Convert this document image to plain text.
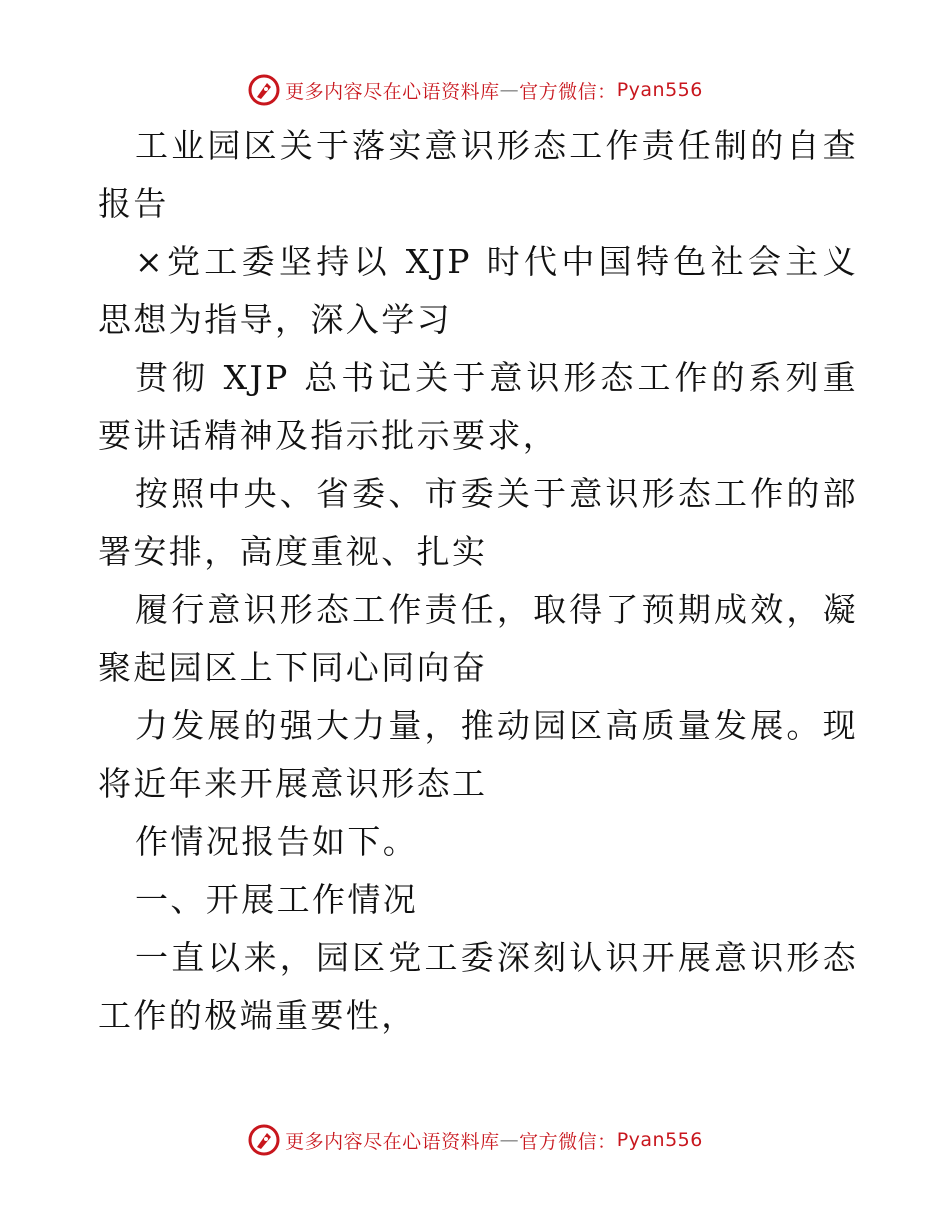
更多内容尽在心语资料库 — 官方微信： Pyan556

工业园区关于落实意识形态工作责任制的自查报告

×党工委坚持以 XJP 时代中国特色社会主义思想为指导，深入学习

贯彻 XJP 总书记关于意识形态工作的系列重要讲话精神及指示批示要求，

按照中央、省委、市委关于意识形态工作的部署安排，高度重视、扎实

履行意识形态工作责任，取得了预期成效，凝聚起园区上下同心同向奋

力发展的强大力量，推动园区高质量发展。现将近年来开展意识形态工

作情况报告如下。

一、开展工作情况

一直以来，园区党工委深刻认识开展意识形态工作的极端重要性，

更多内容尽在心语资料库 — 官方微信： Pyan556
